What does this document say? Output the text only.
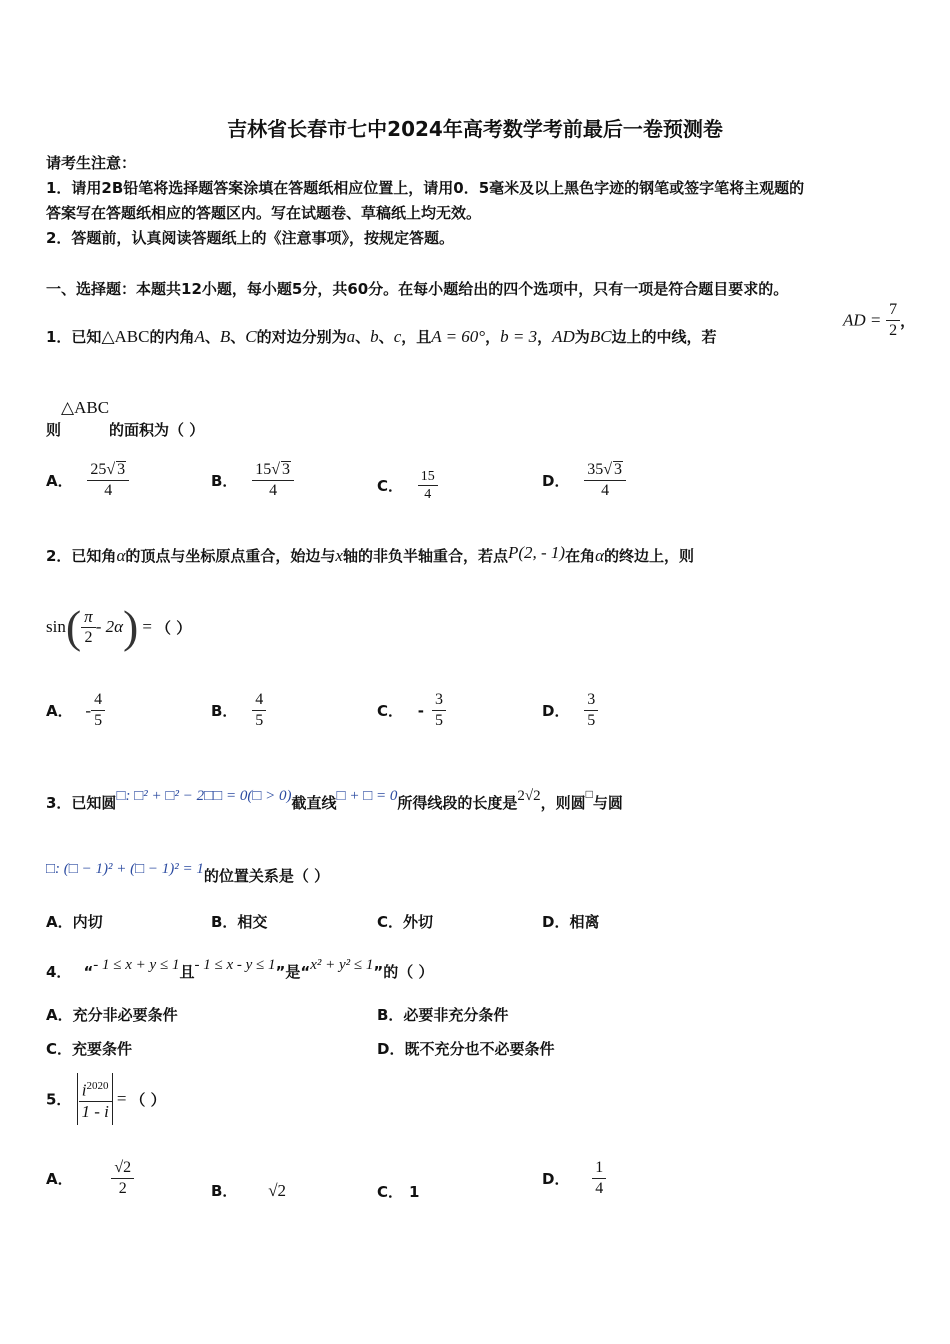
吉林省长春市七中2024年高考数学考前最后一卷预测卷
请考生注意：
1．请用2B铅笔将选择题答案涂填在答题纸相应位置上，请用0．5毫米及以上黑色字迹的钢笔或签字笔将主观题的
答案写在答题纸相应的答题区内。写在试题卷、草稿纸上均无效。
2．答题前，认真阅读答题纸上的《注意事项》，按规定答题。
一、选择题：本题共12小题，每小题5分，共60分。在每小题给出的四个选项中，只有一项是符合题目要求的。
1．已知△ABC的内角A、B、C的对边分别为a、b、c，且A = 60°，b = 3，AD为BC边上的中线，若
AD = $\frac{7}{2}$ ，
则△ABC的面积为（ ）
A． $\frac{25√ 3}{4}$	B． $\frac{15√ 3}{4}$	C． $\frac{15}{4}$	D． $\frac{35√ 3}{4}$
2．已知角α的顶点与坐标原点重合，始边与x轴的非负半轴重合，若点P(2, - 1)在角α的终边上，则
$\sin( \frac{\pi}{2} - 2\alpha)$ = （ ）
A． - $\frac{4}{5}$	B． $\frac{4}{5}$	C． - $\frac{3}{5}$	D． $\frac{3}{5}$
3．已知圆□: □² + □² − 2□□ = 0(□ > 0)截直线□ + □ = 0所得线段的长度是2√2，则圆□与圆
□: (□ − 1)² + (□ − 1)² = 1的位置关系是（ ）
A．内切	B．相交	C．外切	D．相离
4． “- 1 ≤ x + y ≤ 1且- 1 ≤ x - y ≤ 1”是“x² + y² ≤ 1”的（ ）
A．充分非必要条件	B．必要非充分条件
C．充要条件	D．既不充分也不必要条件
5． $\frac{i^{2020}}{1 - i}$ = （ ）
A． $\frac{√2}{2}$	B． √2	C． 1
D． $\frac{1}{4}$
